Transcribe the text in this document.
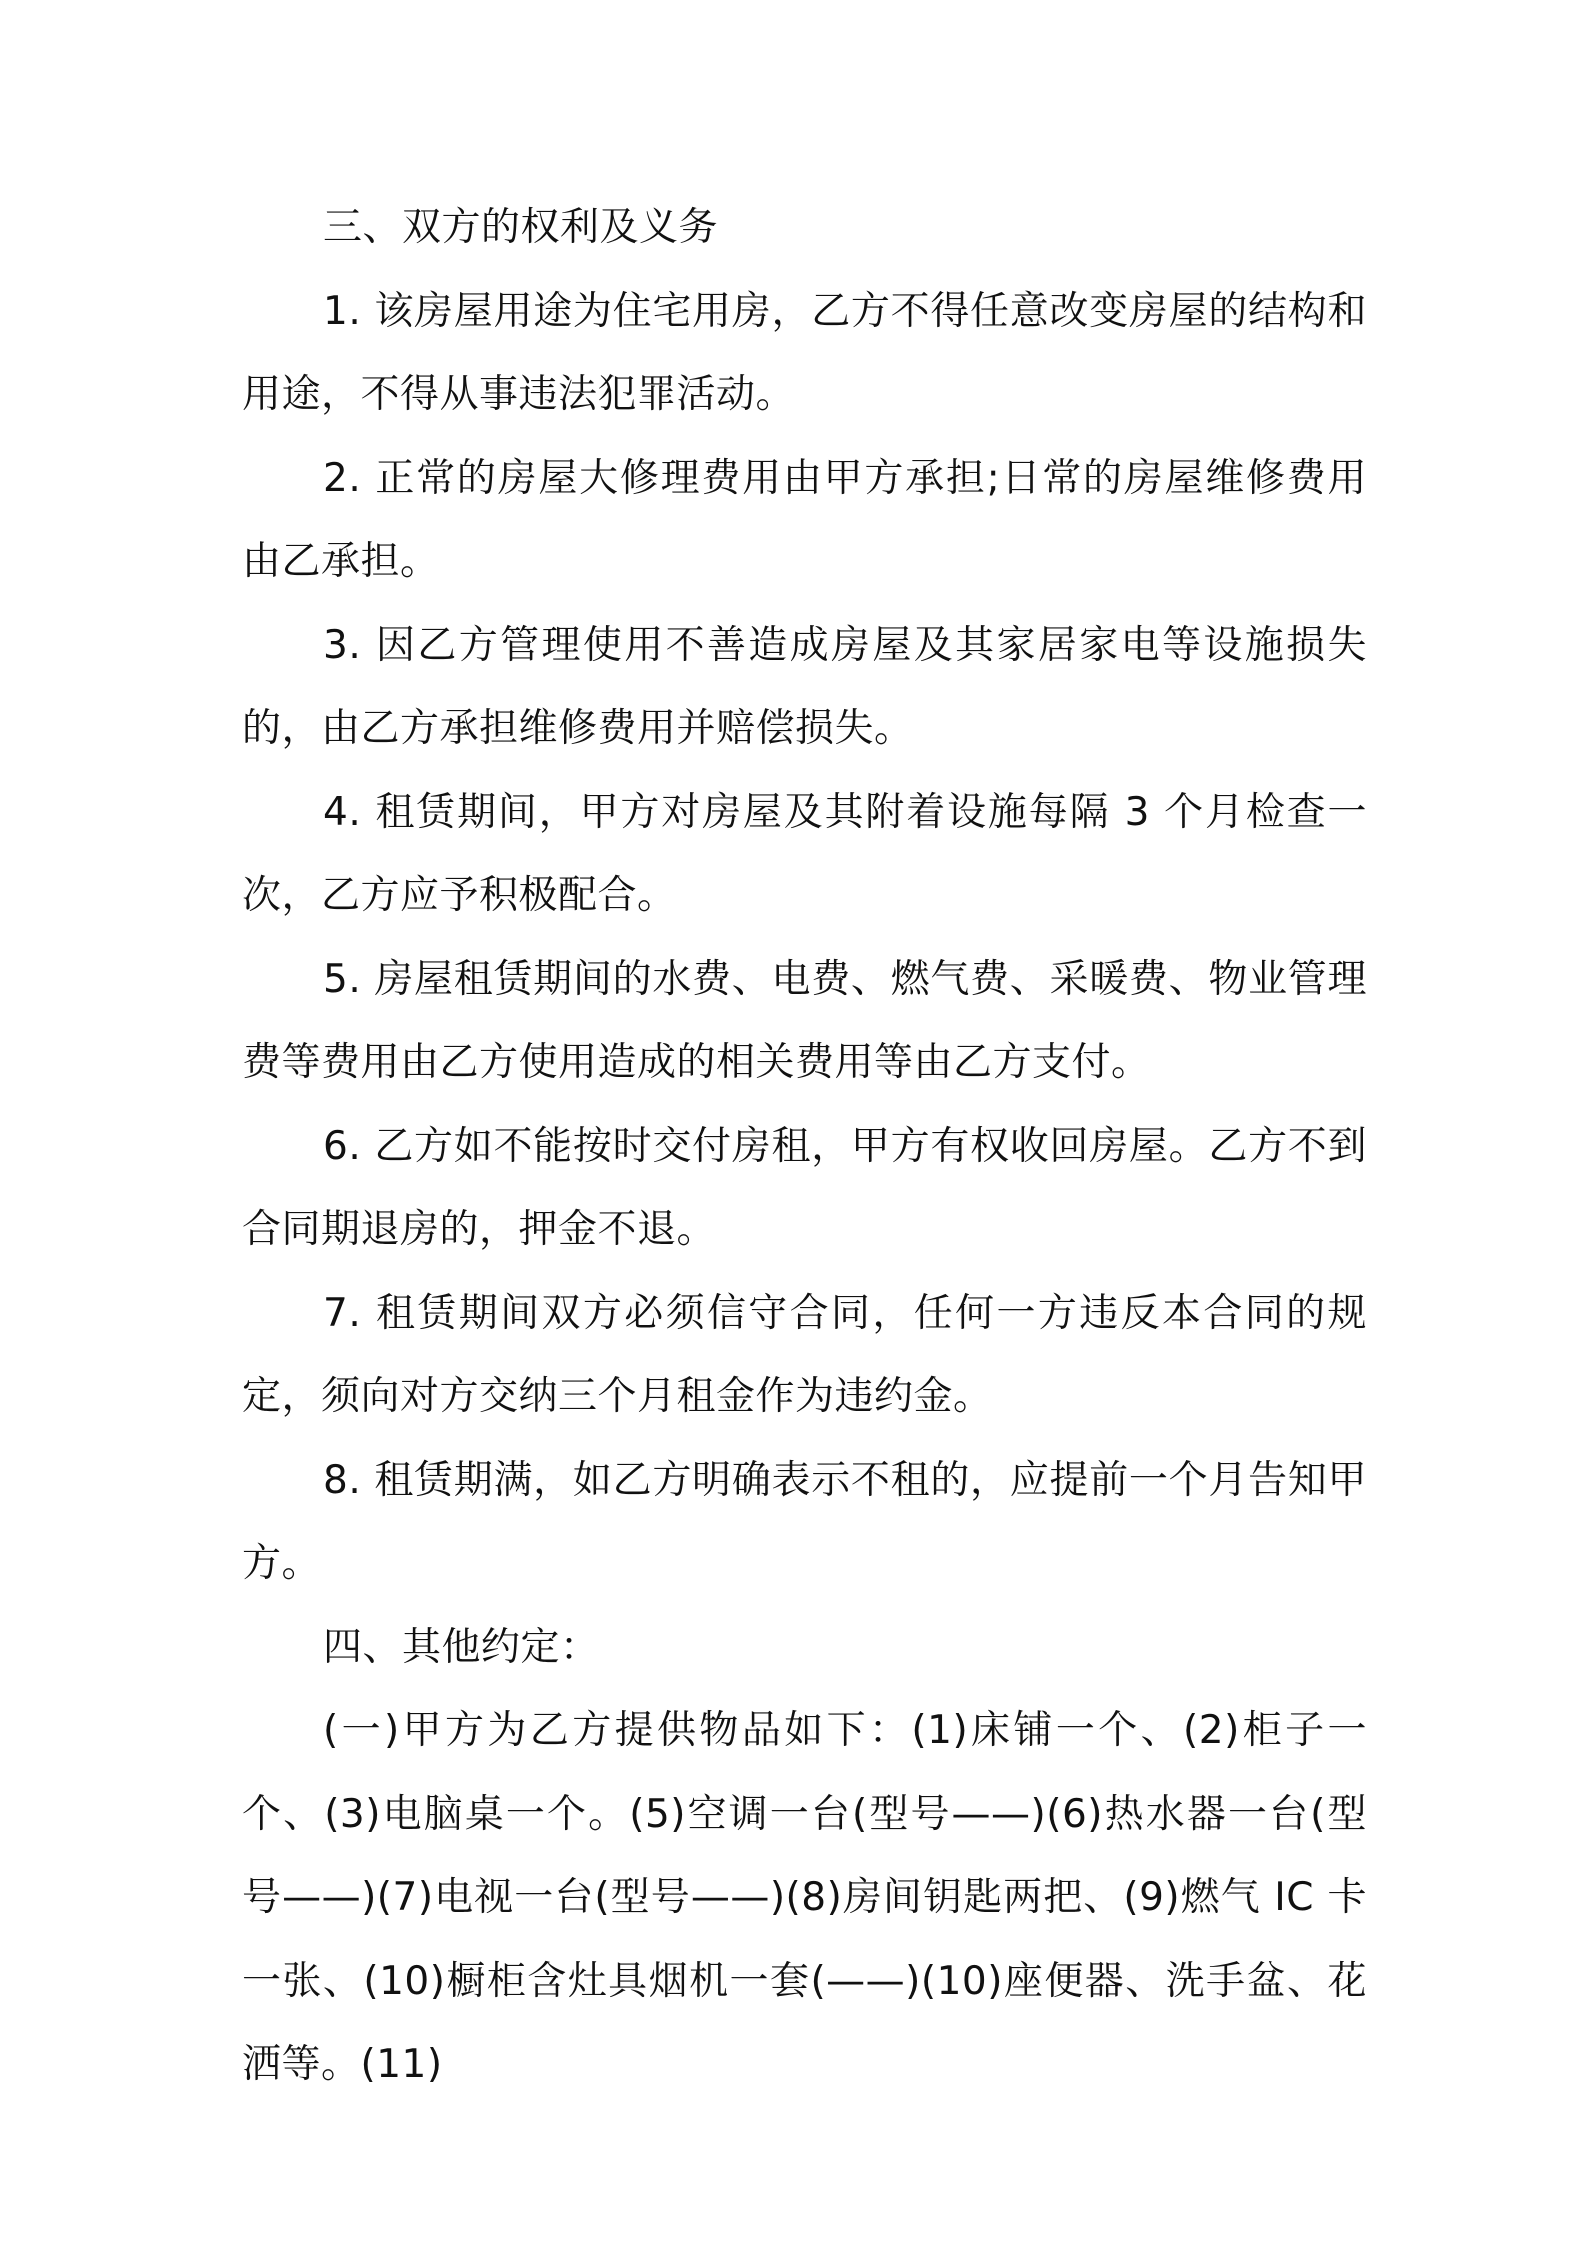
三、双方的权利及义务

1. 该房屋用途为住宅用房，乙方不得任意改变房屋的结构和用途，不得从事违法犯罪活动。

2. 正常的房屋大修理费用由甲方承担;日常的房屋维修费用由乙承担。

3. 因乙方管理使用不善造成房屋及其家居家电等设施损失的，由乙方承担维修费用并赔偿损失。

4. 租赁期间，甲方对房屋及其附着设施每隔 3 个月检查一次，乙方应予积极配合。

5. 房屋租赁期间的水费、电费、燃气费、采暖费、物业管理费等费用由乙方使用造成的相关费用等由乙方支付。

6. 乙方如不能按时交付房租，甲方有权收回房屋。乙方不到合同期退房的，押金不退。

7. 租赁期间双方必须信守合同，任何一方违反本合同的规定，须向对方交纳三个月租金作为违约金。

8. 租赁期满，如乙方明确表示不租的，应提前一个月告知甲方。

四、其他约定：

(一)甲方为乙方提供物品如下：(1)床铺一个、(2)柜子一个、(3)电脑桌一个。(5)空调一台(型号——)(6)热水器一台(型号——)(7)电视一台(型号——)(8)房间钥匙两把、(9)燃气 IC 卡一张、(10)橱柜含灶具烟机一套(——)(10)座便器、洗手盆、花洒等。(11)
